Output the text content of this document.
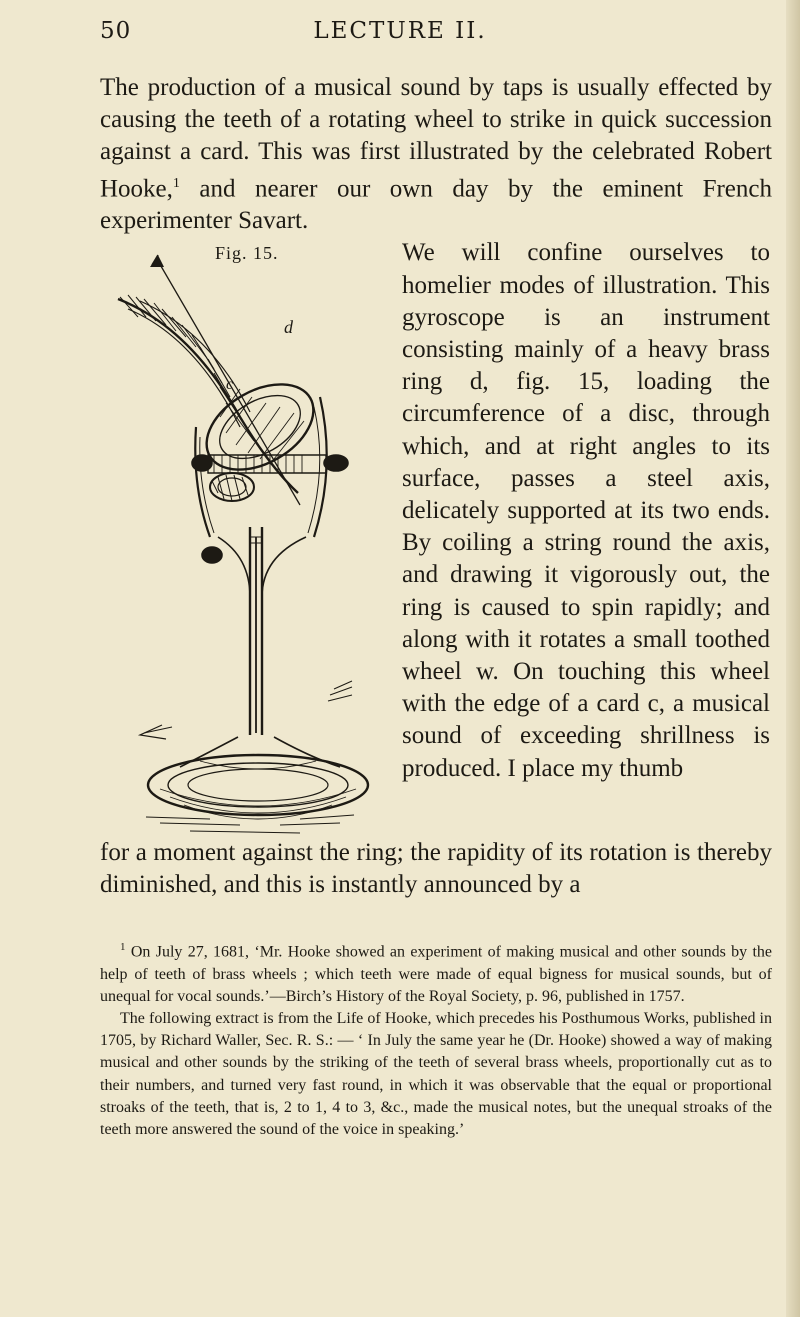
50	LECTURE II.

The production of a musical sound by taps is usually effected by causing the teeth of a rotating wheel to strike in quick succession against a card. This was first illustrated by the celebrated Robert Hooke,$^1$ and nearer our own day by the eminent French experimenter Savart.

Fig. 15.
d
c

We will confine ourselves to homelier modes of illustration. This gyroscope is an instrument consisting mainly of a heavy brass ring d, fig. 15, loading the circumference of a disc, through which, and at right angles to its surface, passes a steel axis, delicately supported at its two ends. By coiling a string round the axis, and drawing it vigorously out, the ring is caused to spin rapidly; and along with it rotates a small toothed wheel w. On touching this wheel with the edge of a card c, a musical sound of exceeding shrillness is produced. I place my thumb

for a moment against the ring; the rapidity of its rotation is thereby diminished, and this is instantly announced by a

$^1$ On July 27, 1681, ‘Mr. Hooke showed an experiment of making musical and other sounds by the help of teeth of brass wheels ; which teeth were made of equal bigness for musical sounds, but of unequal for vocal sounds.’—Birch’s History of the Royal Society, p. 96, published in 1757.

The following extract is from the Life of Hooke, which precedes his Posthumous Works, published in 1705, by Richard Waller, Sec. R. S.: — ‘ In July the same year he (Dr. Hooke) showed a way of making musical and other sounds by the striking of the teeth of several brass wheels, proportionally cut as to their numbers, and turned very fast round, in which it was observable that the equal or proportional stroaks of the teeth, that is, 2 to 1, 4 to 3, &c., made the musical notes, but the unequal stroaks of the teeth more answered the sound of the voice in speaking.’
